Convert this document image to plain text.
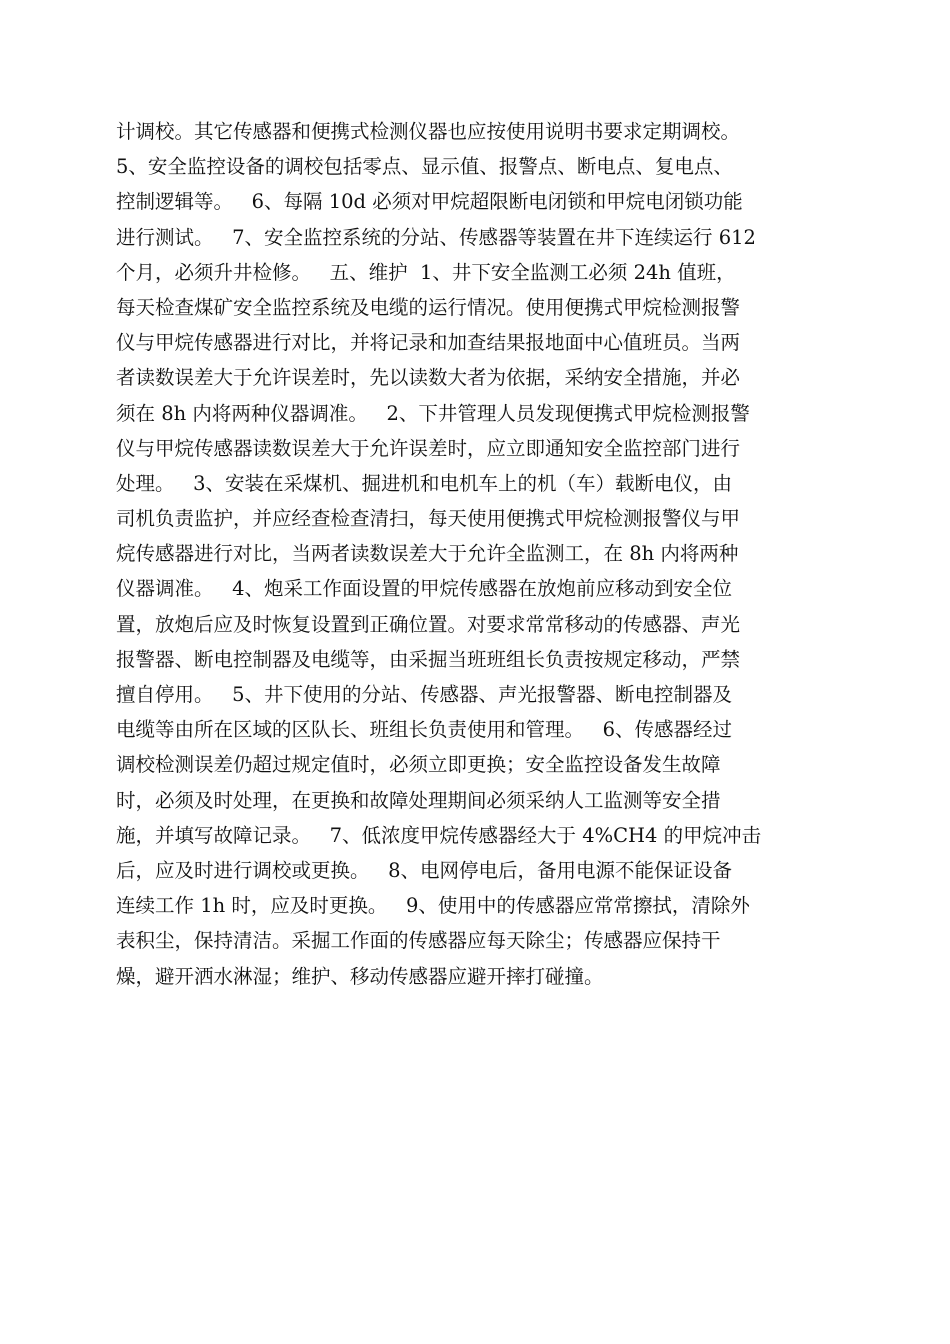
计调校。其它传感器和便携式检测仪器也应按使用说明书要求定期调校。
5、安全监控设备的调校包括零点、显示值、报警点、断电点、复电点、
控制逻辑等。   6、每隔 10d 必须对甲烷超限断电闭锁和甲烷电闭锁功能
进行测试。   7、安全监控系统的分站、传感器等装置在井下连续运行 612
个月，必须升井检修。   五、维护  1、井下安全监测工必须 24h 值班，
每天检查煤矿安全监控系统及电缆的运行情况。使用便携式甲烷检测报警
仪与甲烷传感器进行对比，并将记录和加查结果报地面中心值班员。当两
者读数误差大于允许误差时，先以读数大者为依据，采纳安全措施，并必
须在 8h 内将两种仪器调准。   2、下井管理人员发现便携式甲烷检测报警
仪与甲烷传感器读数误差大于允许误差时，应立即通知安全监控部门进行
处理。   3、安装在采煤机、掘进机和电机车上的机（车）载断电仪，由
司机负责监护，并应经查检查清扫，每天使用便携式甲烷检测报警仪与甲
烷传感器进行对比，当两者读数误差大于允许全监测工，在 8h 内将两种
仪器调准。   4、炮采工作面设置的甲烷传感器在放炮前应移动到安全位
置，放炮后应及时恢复设置到正确位置。对要求常常移动的传感器、声光
报警器、断电控制器及电缆等，由采掘当班班组长负责按规定移动，严禁
擅自停用。   5、井下使用的分站、传感器、声光报警器、断电控制器及
电缆等由所在区域的区队长、班组长负责使用和管理。   6、传感器经过
调校检测误差仍超过规定值时，必须立即更换；安全监控设备发生故障
时，必须及时处理，在更换和故障处理期间必须采纳人工监测等安全措
施，并填写故障记录。   7、低浓度甲烷传感器经大于 4%CH4 的甲烷冲击
后，应及时进行调校或更换。   8、电网停电后，备用电源不能保证设备
连续工作 1h 时，应及时更换。   9、使用中的传感器应常常擦拭，清除外
表积尘，保持清洁。采掘工作面的传感器应每天除尘；传感器应保持干
燥，避开洒水淋湿；维护、移动传感器应避开摔打碰撞。
